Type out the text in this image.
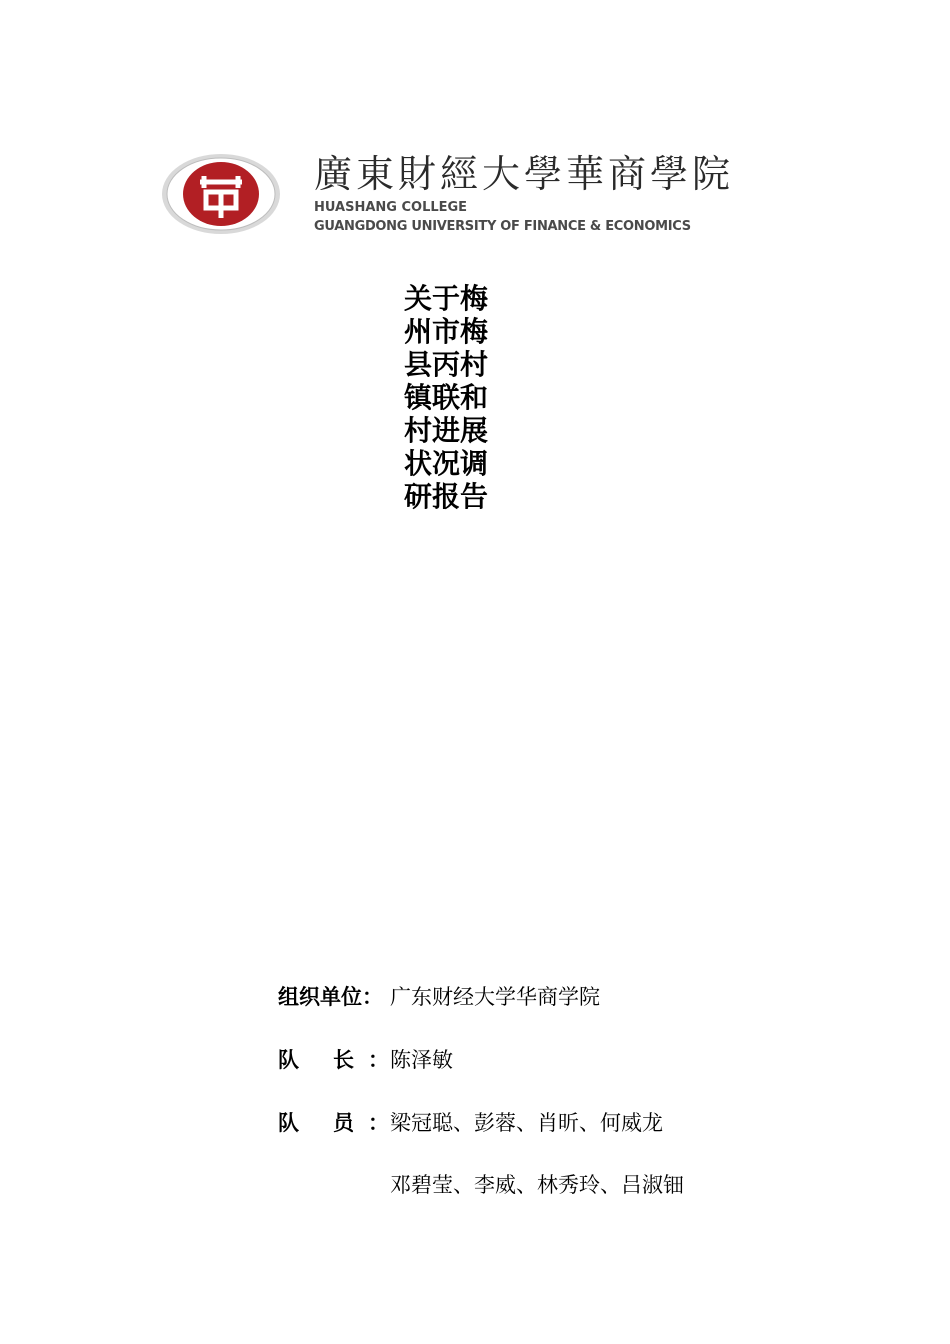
廣東財經大學華商學院
HUASHANG COLLEGE
GUANGDONG UNIVERSITY OF FINANCE & ECONOMICS
关于梅
州市梅
县丙村
镇联和
村进展
状况调
研报告
组织单位： 广东财经大学华商学院
队 长 ： 陈泽敏
队 员 ： 梁冠聪、彭蓉、肖昕、何威龙
邓碧莹、李威、林秀玲、吕淑钿
